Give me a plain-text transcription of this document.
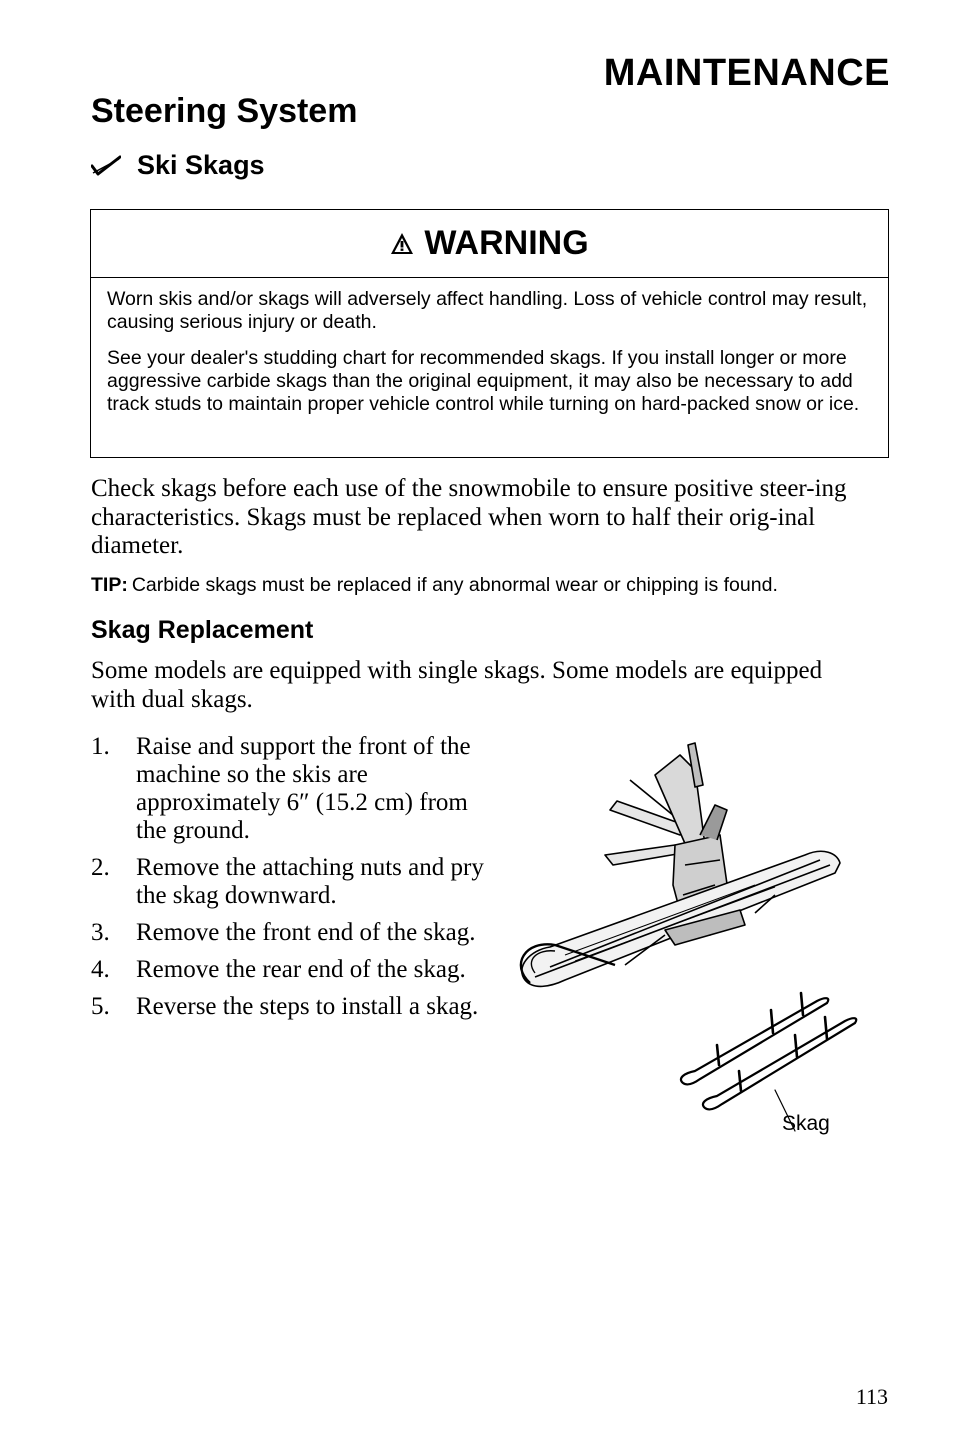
MAINTENANCE
Steering System
Ski Skags
WARNING

Worn skis and/or skags will adversely affect handling. Loss of vehicle control may result, causing serious injury or death.

See your dealer's studding chart for recommended skags. If you install longer or more aggressive carbide skags than the original equipment, it may also be necessary to add track studs to maintain proper vehicle control while turning on hard-packed snow or ice.

Check skags before each use of the snowmobile to ensure positive steer-ing characteristics. Skags must be replaced when worn to half their orig-inal diameter.

TIP: Carbide skags must be replaced if any abnormal wear or chipping is found.
Skag Replacement

Some models are equipped with single skags. Some models are equipped with dual skags.

1.	Raise and support the front of the machine so the skis are approximately 6″ (15.2 cm) from the ground.
2.	Remove the attaching nuts and pry the skag downward.
3.	Remove the front end of the skag.
4.	Remove the rear end of the skag.
5.	Reverse the steps to install a skag.
Skag
113
